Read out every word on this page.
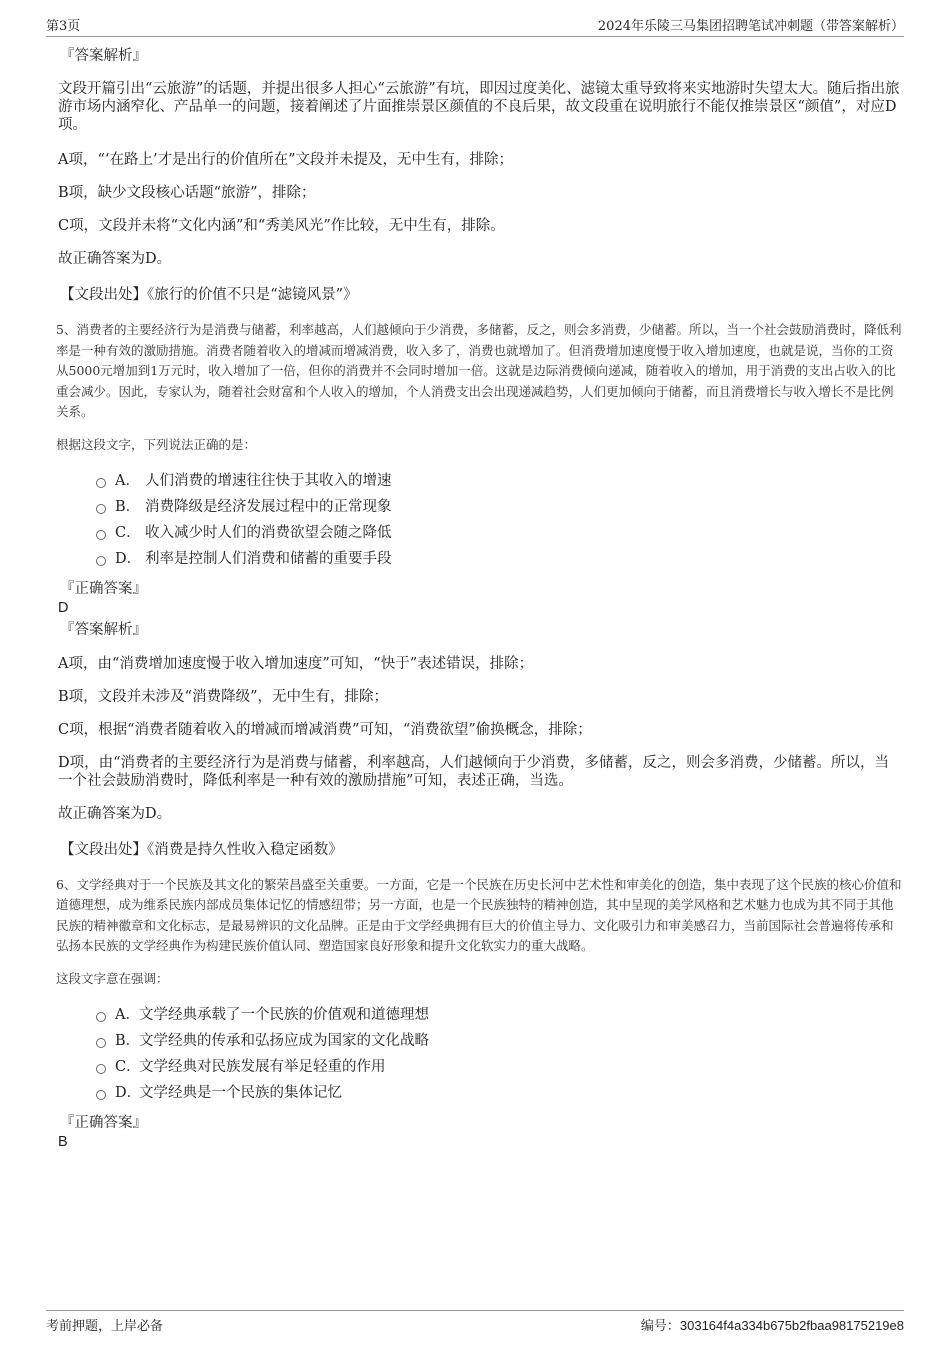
第3页	2024年乐陵三马集团招聘笔试冲刺题（带答案解析）
『答案解析』
文段开篇引出“云旅游”的话题，并提出很多人担心“云旅游”有坑，即因过度美化、滤镜太重导致将来实地游时失望太大。随后指出旅游市场内涵窄化、产品单一的问题，接着阐述了片面推崇景区颜值的不良后果，故文段重在说明旅行不能仅推崇景区“颜值”，对应D项。
A项，“‘在路上’才是出行的价值所在”文段并未提及，无中生有，排除；
B项，缺少文段核心话题“旅游”，排除；
C项，文段并未将“文化内涵”和“秀美风光”作比较，无中生有，排除。
故正确答案为D。
【文段出处】《旅行的价值不只是“滤镜风景”》
5、消费者的主要经济行为是消费与储蓄，利率越高，人们越倾向于少消费，多储蓄，反之，则会多消费，少储蓄。所以，当一个社会鼓励消费时，降低利率是一种有效的激励措施。消费者随着收入的增减而增减消费，收入多了，消费也就增加了。但消费增加速度慢于收入增加速度，也就是说，当你的工资从5000元增加到1万元时，收入增加了一倍，但你的消费并不会同时增加一倍。这就是边际消费倾向递减，随着收入的增加，用于消费的支出占收入的比重会减少。因此，专家认为，随着社会财富和个人收入的增加，个人消费支出会出现递减趋势，人们更加倾向于储蓄，而且消费增长与收入增长不是比例关系。
根据这段文字，下列说法正确的是：
A． 人们消费的增速往往快于其收入的增速
B． 消费降级是经济发展过程中的正常现象
C． 收入减少时人们的消费欲望会随之降低
D． 利率是控制人们消费和储蓄的重要手段
『正确答案』
D
『答案解析』
A项，由“消费增加速度慢于收入增加速度”可知，“快于”表述错误，排除；
B项，文段并未涉及“消费降级”，无中生有，排除；
C项，根据“消费者随着收入的增减而增减消费”可知，“消费欲望”偷换概念，排除；
D项，由“消费者的主要经济行为是消费与储蓄，利率越高，人们越倾向于少消费，多储蓄，反之，则会多消费，少储蓄。所以，当一个社会鼓励消费时，降低利率是一种有效的激励措施”可知，表述正确，当选。
故正确答案为D。
【文段出处】《消费是持久性收入稳定函数》
6、文学经典对于一个民族及其文化的繁荣昌盛至关重要。一方面，它是一个民族在历史长河中艺术性和审美化的创造，集中表现了这个民族的核心价值和道德理想，成为维系民族内部成员集体记忆的情感纽带；另一方面，也是一个民族独特的精神创造，其中呈现的美学风格和艺术魅力也成为其不同于其他民族的精神徽章和文化标志，是最易辨识的文化品牌。正是由于文学经典拥有巨大的价值主导力、文化吸引力和审美感召力，当前国际社会普遍将传承和弘扬本民族的文学经典作为构建民族价值认同、塑造国家良好形象和提升文化软实力的重大战略。
这段文字意在强调：
A． 文学经典承载了一个民族的价值观和道德理想
B．
文学经典的传承和弘扬应成为国家的文化战略
C．
文学经典对民族发展有举足轻重的作用
D．
文学经典是一个民族的集体记忆
『正确答案』
B
考前押题，上岸必备	编号：303164f4a334b675b2fbaa98175219e8
